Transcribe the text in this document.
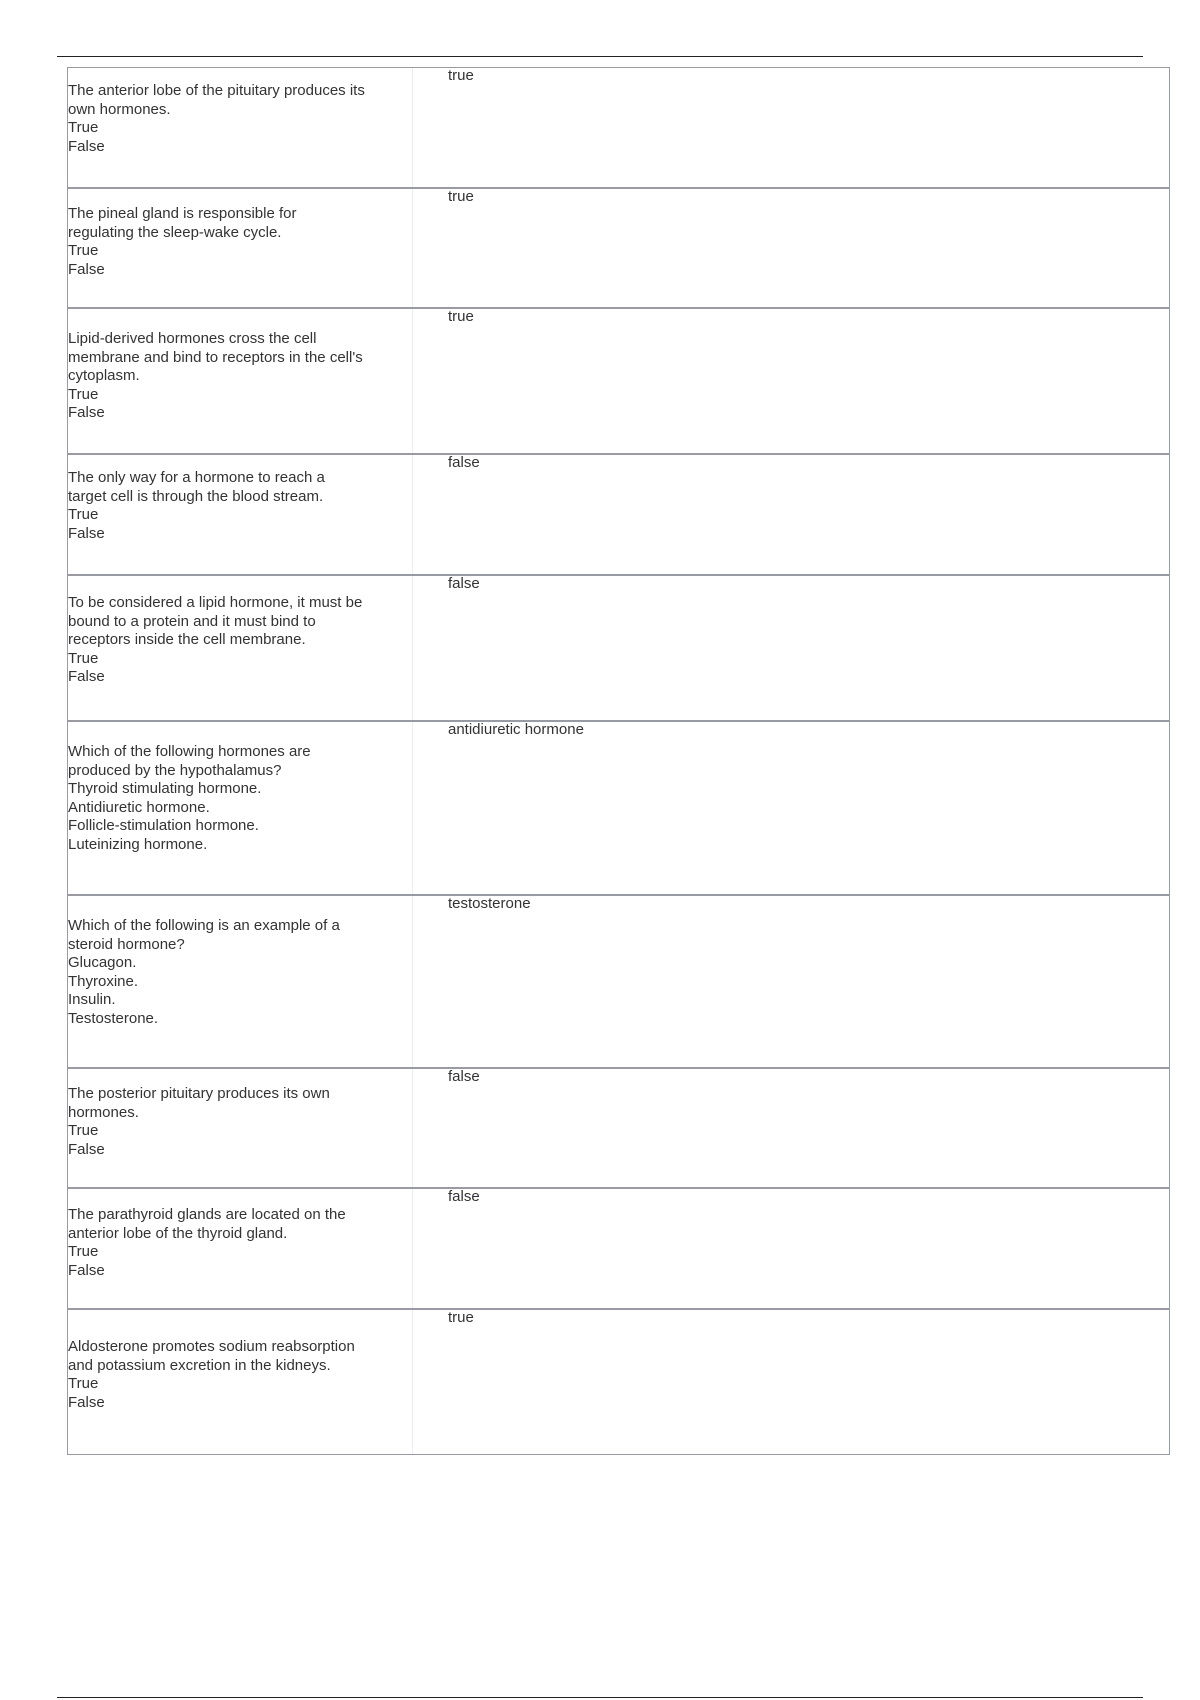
The anterior lobe of the pituitary produces its
own hormones.
True
False
true
The pineal gland is responsible for
regulating the sleep-wake cycle.
True
False
true
Lipid-derived hormones cross the cell
membrane and bind to receptors in the cell's
cytoplasm.
True
False
true
The only way for a hormone to reach a
target cell is through the blood stream.
True
False
false
To be considered a lipid hormone, it must be
bound to a protein and it must bind to
receptors inside the cell membrane.
True
False
false
Which of the following hormones are
produced by the hypothalamus?
Thyroid stimulating hormone.
Antidiuretic hormone.
Follicle-stimulation hormone.
Luteinizing hormone.
antidiuretic hormone
Which of the following is an example of a
steroid hormone?
Glucagon.
Thyroxine.
Insulin.
Testosterone.
testosterone
The posterior pituitary produces its own
hormones.
True
False
false
The parathyroid glands are located on the
anterior lobe of the thyroid gland.
True
False
false
Aldosterone promotes sodium reabsorption
and potassium excretion in the kidneys.
True
False
true
